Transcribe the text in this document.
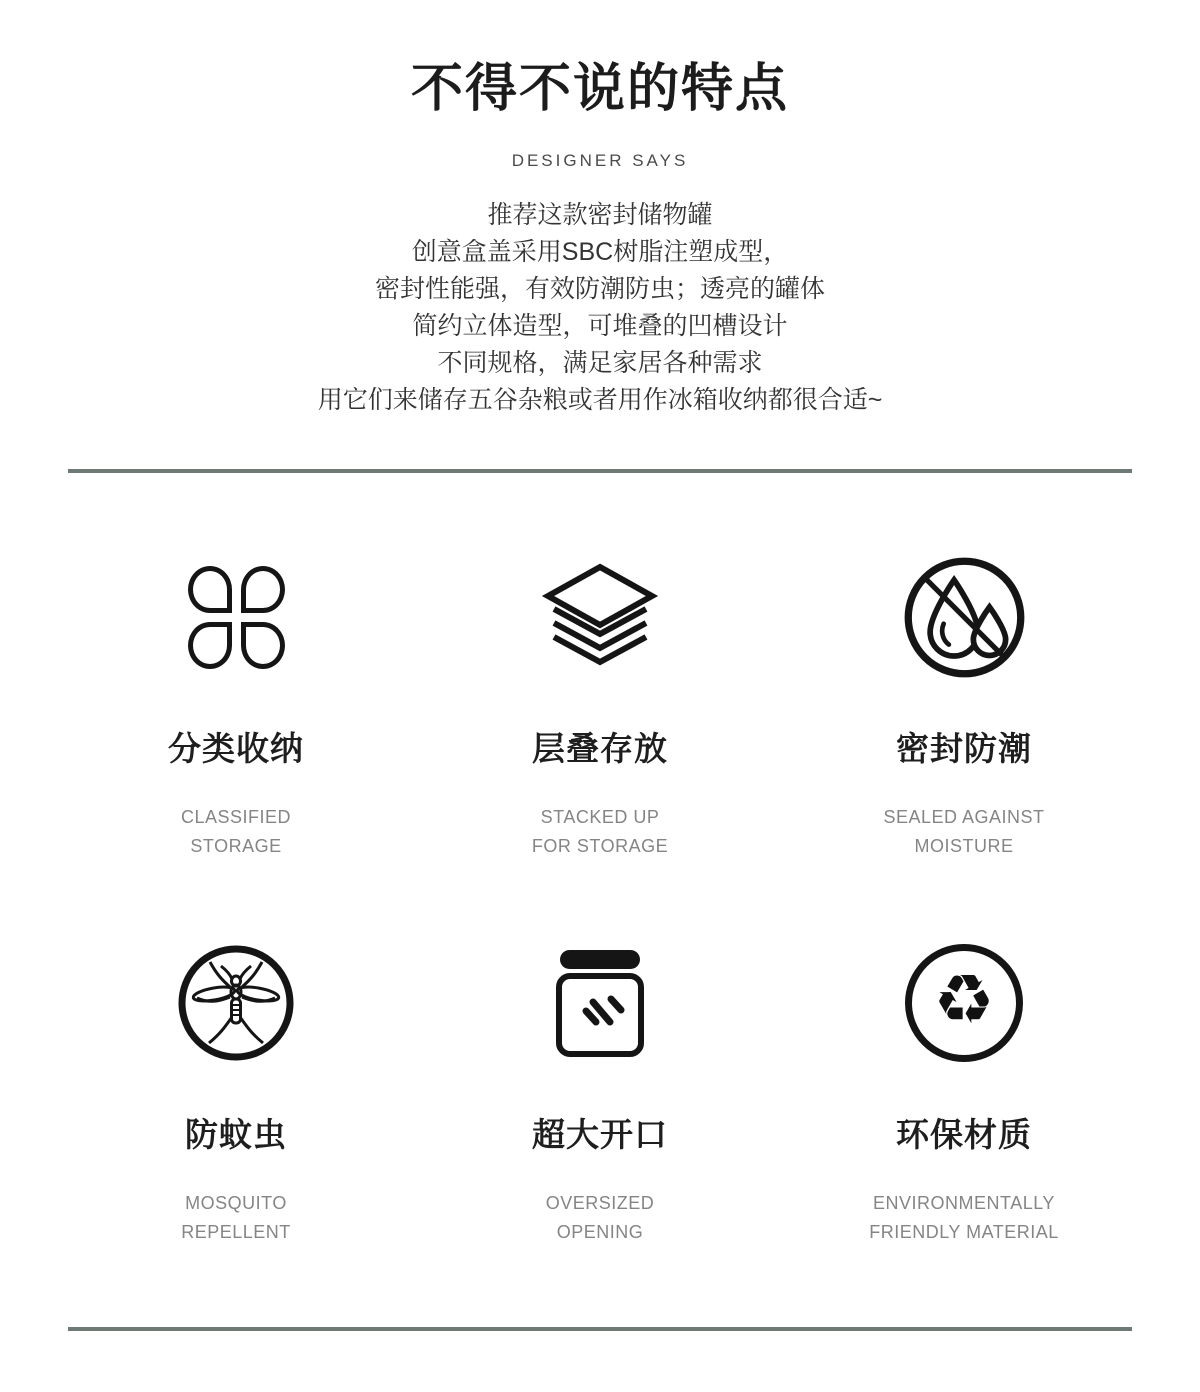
不得不说的特点
DESIGNER SAYS
推荐这款密封储物罐
创意盒盖采用SBC树脂注塑成型，
密封性能强，有效防潮防虫；透亮的罐体
简约立体造型，可堆叠的凹槽设计
不同规格，满足家居各种需求
用它们来储存五谷杂粮或者用作冰箱收纳都很合适~
分类收纳
CLASSIFIED
STORAGE
层叠存放
STACKED UP
FOR STORAGE
密封防潮
SEALED AGAINST
MOISTURE
防蚊虫
MOSQUITO
REPELLENT
超大开口
OVERSIZED
OPENING
♻
环保材质
ENVIRONMENTALLY
FRIENDLY MATERIAL
